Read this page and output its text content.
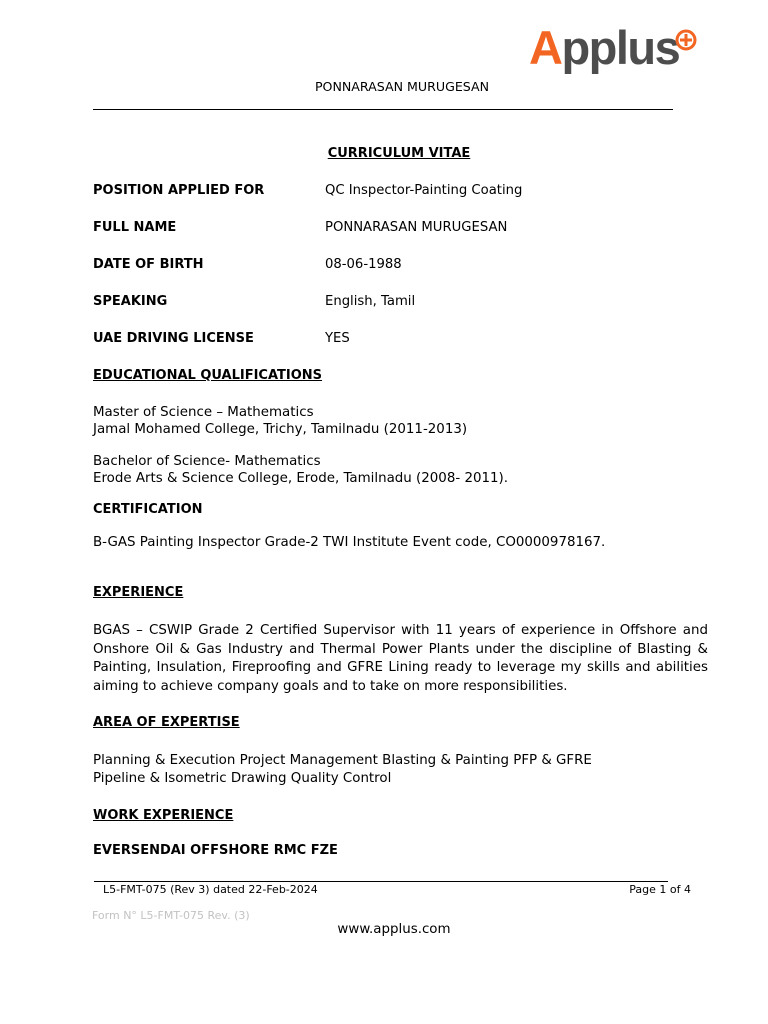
Applus
PONNARASAN MURUGESAN
CURRICULUM VITAE
POSITION APPLIED FOR	QC Inspector-Painting Coating
FULL NAME	PONNARASAN MURUGESAN
DATE OF BIRTH	08-06-1988
SPEAKING	English, Tamil
UAE DRIVING LICENSE	YES
EDUCATIONAL QUALIFICATIONS
Master of Science – Mathematics
Jamal Mohamed College, Trichy, Tamilnadu (2011-2013)
Bachelor of Science- Mathematics
Erode Arts & Science College, Erode, Tamilnadu (2008- 2011).
CERTIFICATION
B-GAS Painting Inspector Grade-2 TWI Institute Event code, CO0000978167.
EXPERIENCE
BGAS – CSWIP Grade 2 Certified Supervisor with 11 years of experience in Offshore and Onshore Oil & Gas Industry and Thermal Power Plants under the discipline of Blasting & Painting, Insulation, Fireproofing and GFRE Lining ready to leverage my skills and abilities aiming to achieve company goals and to take on more responsibilities.
AREA OF EXPERTISE
Planning & Execution Project Management Blasting & Painting PFP & GFRE
Pipeline & Isometric Drawing Quality Control
WORK EXPERIENCE
EVERSENDAI OFFSHORE RMC FZE
L5-FMT-075 (Rev 3) dated 22-Feb-2024	Page 1 of 4
Form N° L5-FMT-075 Rev. (3)
www.applus.com
